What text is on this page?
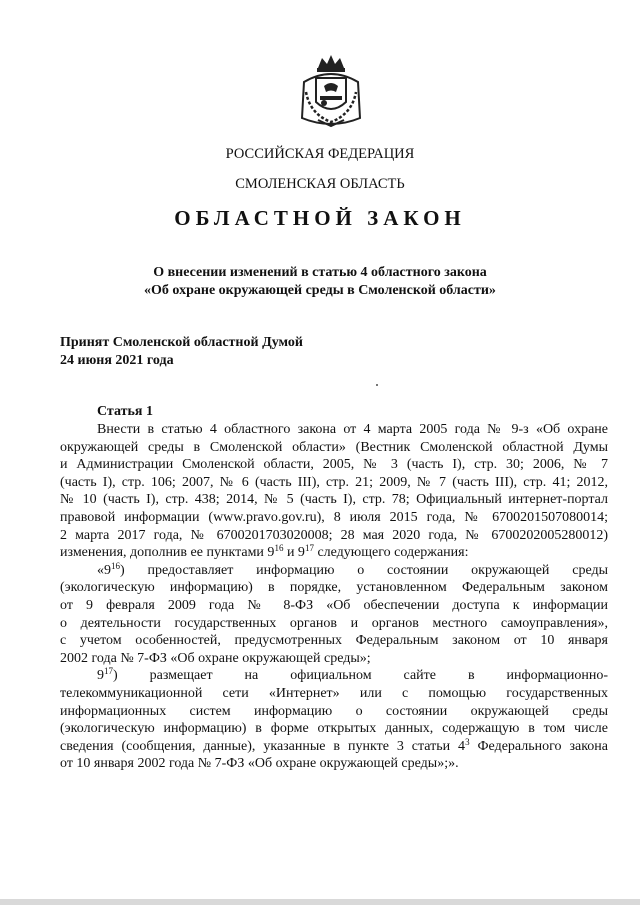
РОССИЙСКАЯ ФЕДЕРАЦИЯ
СМОЛЕНСКАЯ ОБЛАСТЬ
ОБЛАСТНОЙ ЗАКОН
О внесении изменений в статью 4 областного закона
«Об охране окружающей среды в Смоленской области»
Принят Смоленской областной Думой
24 июня 2021 года
Статья 1
Внести в статью 4 областного закона от 4 марта 2005 года № 9-з «Об охране
окружающей среды в Смоленской области» (Вестник Смоленской областной Думы
и Администрации Смоленской области, 2005, № 3 (часть I), стр. 30; 2006, № 7
(часть I), стр. 106; 2007, № 6 (часть III), стр. 21; 2009, № 7 (часть III), стр. 41; 2012,
№ 10 (часть I), стр. 438; 2014, № 5 (часть I), стр. 78; Официальный интернет-портал
правовой информации (www.pravo.gov.ru), 8 июля 2015 года, № 6700201507080014;
2 марта 2017 года, № 6700201703020008; 28 мая 2020 года, № 6700202005280012)
изменения, дополнив ее пунктами $9^{16}$ и $9^{17}$ следующего содержания:
«$9^{16}$) предоставляет информацию о состоянии окружающей среды
(экологическую информацию) в порядке, установленном Федеральным законом
от 9 февраля 2009 года № 8-ФЗ «Об обеспечении доступа к информации
о деятельности государственных органов и органов местного самоуправления»,
с учетом особенностей, предусмотренных Федеральным законом от 10 января
2002 года № 7-ФЗ «Об охране окружающей среды»;
$9^{17}$) размещает на официальном сайте в информационно-
телекоммуникационной сети «Интернет» или с помощью государственных
информационных систем информацию о состоянии окружающей среды
(экологическую информацию) в форме открытых данных, содержащую в том числе
сведения (сообщения, данные), указанные в пункте 3 статьи $4^3$ Федерального закона
от 10 января 2002 года № 7-ФЗ «Об охране окружающей среды»;».
